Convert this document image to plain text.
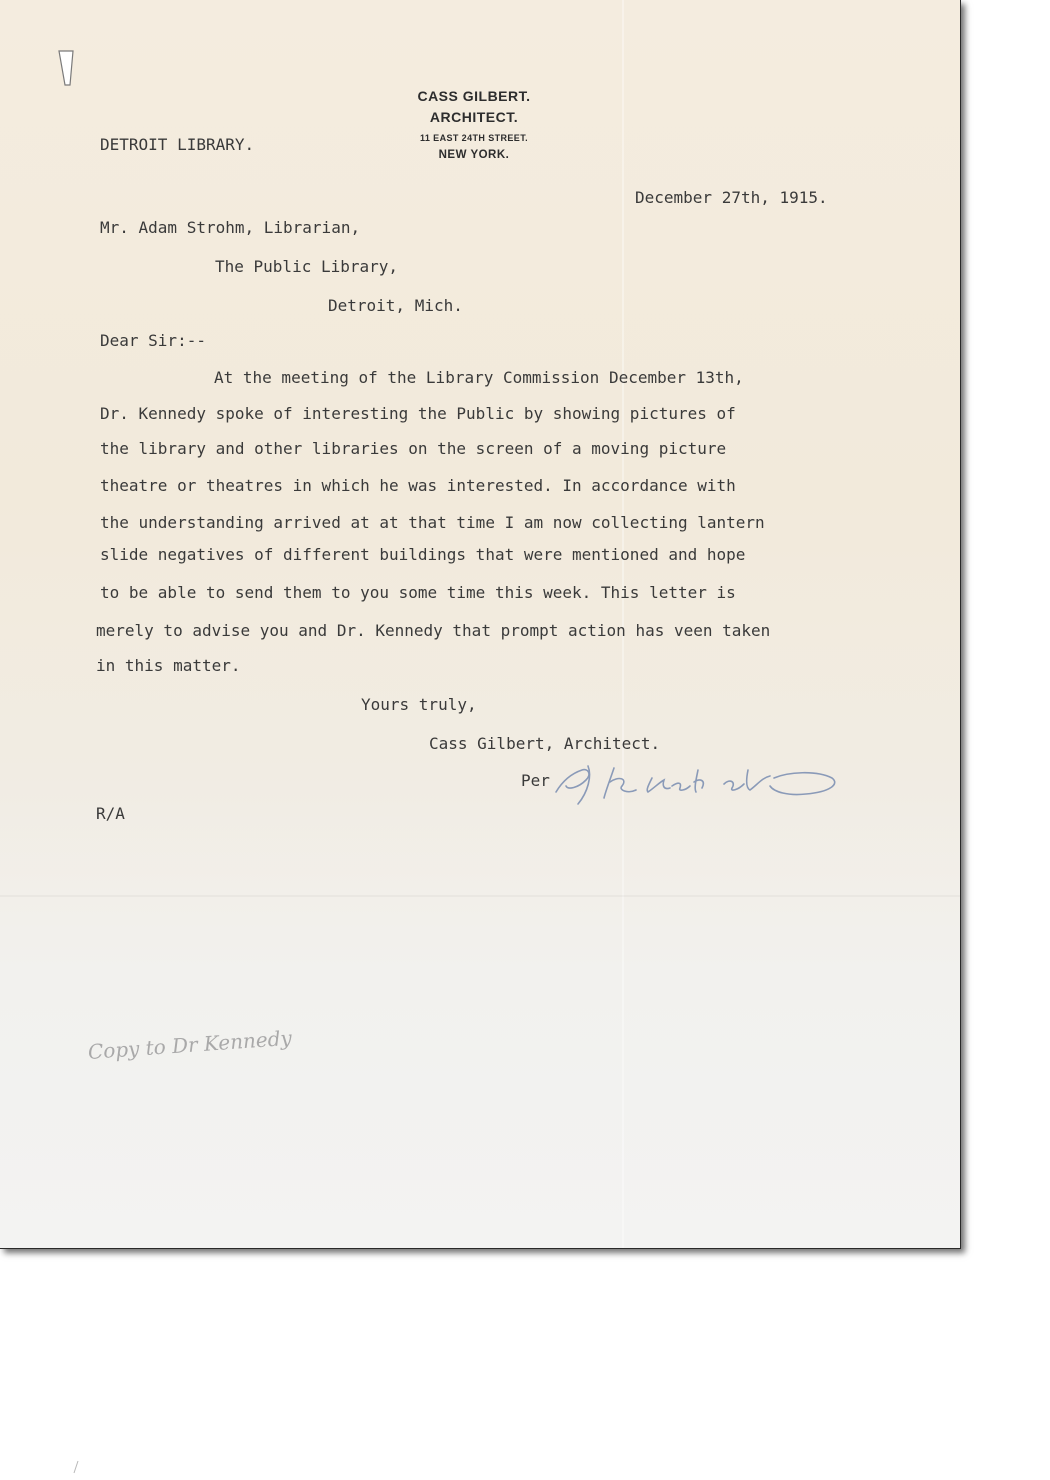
CASS GILBERT.
ARCHITECT.
11 EAST 24TH STREET.
NEW YORK.
DETROIT LIBRARY.
December 27th, 1915.
Mr. Adam Strohm, Librarian,
The Public Library,
Detroit, Mich.
Dear Sir:--
At the meeting of the Library Commission December 13th,
Dr. Kennedy spoke of interesting the Public by showing pictures of
the library and other libraries on the screen of a moving picture
theatre or theatres in which he was interested. In accordance with
the understanding arrived at at that time I am now collecting lantern
slide negatives of different buildings that were mentioned and hope
to be able to send them to you some time this week. This letter is
merely to advise you and Dr. Kennedy that prompt action has veen taken
in this matter.
Yours truly,
Cass Gilbert, Architect.
Per
R/A
Copy to Dr Kennedy
